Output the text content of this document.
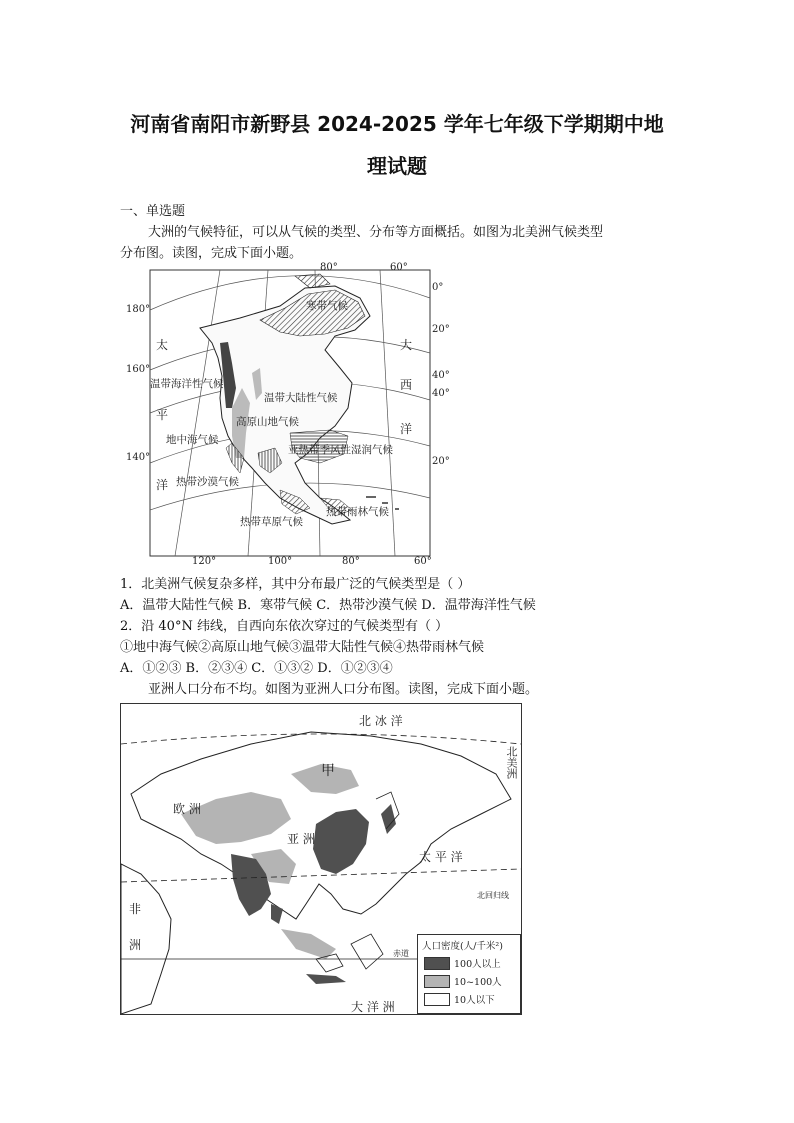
河南省南阳市新野县 2024-2025 学年七年级下学期期中地
理试题
一、单选题
大洲的气候特征，可以从气候的类型、分布等方面概括。如图为北美洲气候类型
分布图。读图，完成下面小题。
80°	60°
0°
20°
40°
40°
20°
180°
160°
140°
120°	100°	80°	60°
太
平
洋
大
西
洋
寒带气候
温带海洋性气候
温带大陆性气候
高原山地气候
地中海气候
亚热带季风性湿润气候
热带沙漠气候
热带草原气候
热带雨林气候
1．北美洲气候复杂多样，其中分布最广泛的气候类型是（ ）
A．温带大陆性气候 B．寒带气候 C．热带沙漠气候 D．温带海洋性气候
2．沿 40°N 纬线，自西向东依次穿过的气候类型有（ ）
①地中海气候②高原山地气候③温带大陆性气候④热带雨林气候
A．①②③ B．②③④ C．①③② D．①②③④
亚洲人口分布不均。如图为亚洲人口分布图。读图，完成下面小题。
北 冰 洋
北美洲
欧 洲
甲
亚 洲
太 平 洋
非
洲
北回归线
赤道
大 洋 洲
人口密度(人/千米²)
100人以上
10~100人
10人以下
